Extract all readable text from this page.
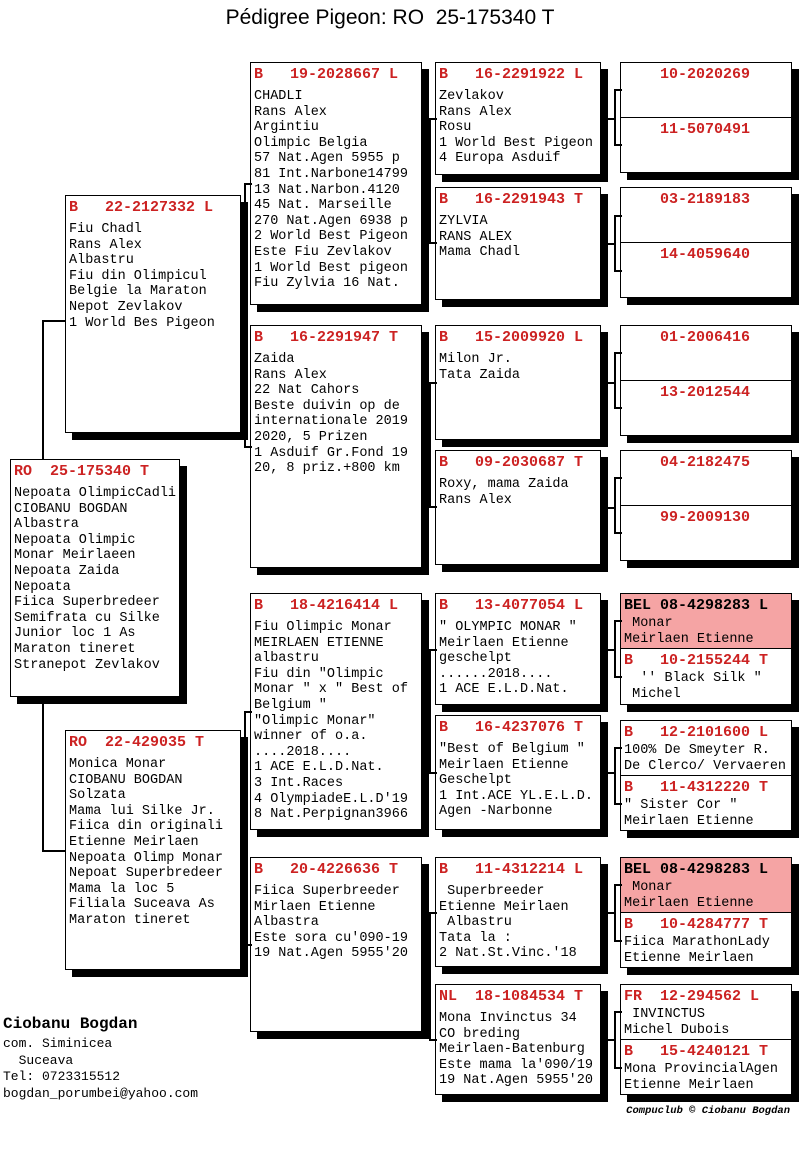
Pédigree Pigeon: RO  25-175340 T
RO  25-175340 T
Nepoata OlimpicCadli
CIOBANU BOGDAN
Albastra
Nepoata Olimpic
Monar Meirlaeen
Nepoata Zaida
Nepoata
Fiica Superbredeer
Semifrata cu Silke
Junior loc 1 As
Maraton tineret
Stranepot Zevlakov
B   22-2127332 L
Fiu Chadl
Rans Alex
Albastru
Fiu din Olimpicul
Belgie la Maraton
Nepot Zevlakov
1 World Bes Pigeon
RO  22-429035 T
Monica Monar
CIOBANU BOGDAN
Solzata
Mama lui Silke Jr.
Fiica din originali
Etienne Meirlaen
Nepoata Olimp Monar
Nepoat Superbredeer
Mama la loc 5
Filiala Suceava As
Maraton tineret
B   19-2028667 L
CHADLI
Rans Alex
Argintiu
Olimpic Belgia
57 Nat.Agen 5955 p
81 Int.Narbone14799
13 Nat.Narbon.4120
45 Nat. Marseille
270 Nat.Agen 6938 p
2 World Best Pigeon
Este Fiu Zevlakov
1 World Best pigeon
Fiu Zylvia 16 Nat.
B   16-2291947 T
Zaida
Rans Alex
22 Nat Cahors
Beste duivin op de
internationale 2019
2020, 5 Prizen
1 Asduif Gr.Fond 19
20, 8 priz.+800 km
B   18-4216414 L
Fiu Olimpic Monar
MEIRLAEN ETIENNE
albastru
Fiu din "Olimpic
Monar " x " Best of
Belgium "
"Olimpic Monar"
winner of o.a.
....2018....
1 ACE E.L.D.Nat.
3 Int.Races
4 OlympiadeE.L.D'19
8 Nat.Perpignan3966
B   20-4226636 T
Fiica Superbreeder
Mirlaen Etienne
Albastra
Este sora cu'090-19
19 Nat.Agen 5955'20
B   16-2291922 L
Zevlakov
Rans Alex
Rosu
1 World Best Pigeon
4 Europa Asduif
B   16-2291943 T
ZYLVIA
RANS ALEX
Mama Chadl
B   15-2009920 L
Milon Jr.
Tata Zaida
B   09-2030687 T
Roxy, mama Zaida
Rans Alex
B   13-4077054 L
" OLYMPIC MONAR "
Meirlaen Etienne
geschelpt
......2018....
1 ACE E.L.D.Nat.
B   16-4237076 T
"Best of Belgium "
Meirlaen Etienne
Geschelpt
1 Int.ACE YL.E.L.D.
Agen -Narbonne
B   11-4312214 L
Superbreeder
Etienne Meirlaen
Albastru
Tata la :
2 Nat.St.Vinc.'18
NL  18-1084534 T
Mona Invinctus 34
CO breding
Meirlaen-Batenburg
Este mama la'090/19
19 Nat.Agen 5955'20
10-2020269
11-5070491
03-2189183
14-4059640
01-2006416
13-2012544
04-2182475
99-2009130
BEL 08-4298283 L
Monar
Meirlaen Etienne
B   10-2155244 T
'' Black Silk "
Michel
B   12-2101600 L
100% De Smeyter R.
De Clerco/ Vervaeren
B   11-4312220 T
" Sister Cor "
Meirlaen Etienne
BEL 08-4298283 L
Monar
Meirlaen Etienne
B   10-4284777 T
Fiica MarathonLady
Etienne Meirlaen
FR  12-294562 L
INVINCTUS
Michel Dubois
B   15-4240121 T
Mona ProvincialAgen
Etienne Meirlaen
Ciobanu Bogdan
com. Siminicea
Suceava
Tel: 0723315512
bogdan_porumbei@yahoo.com
Compuclub © Ciobanu Bogdan
